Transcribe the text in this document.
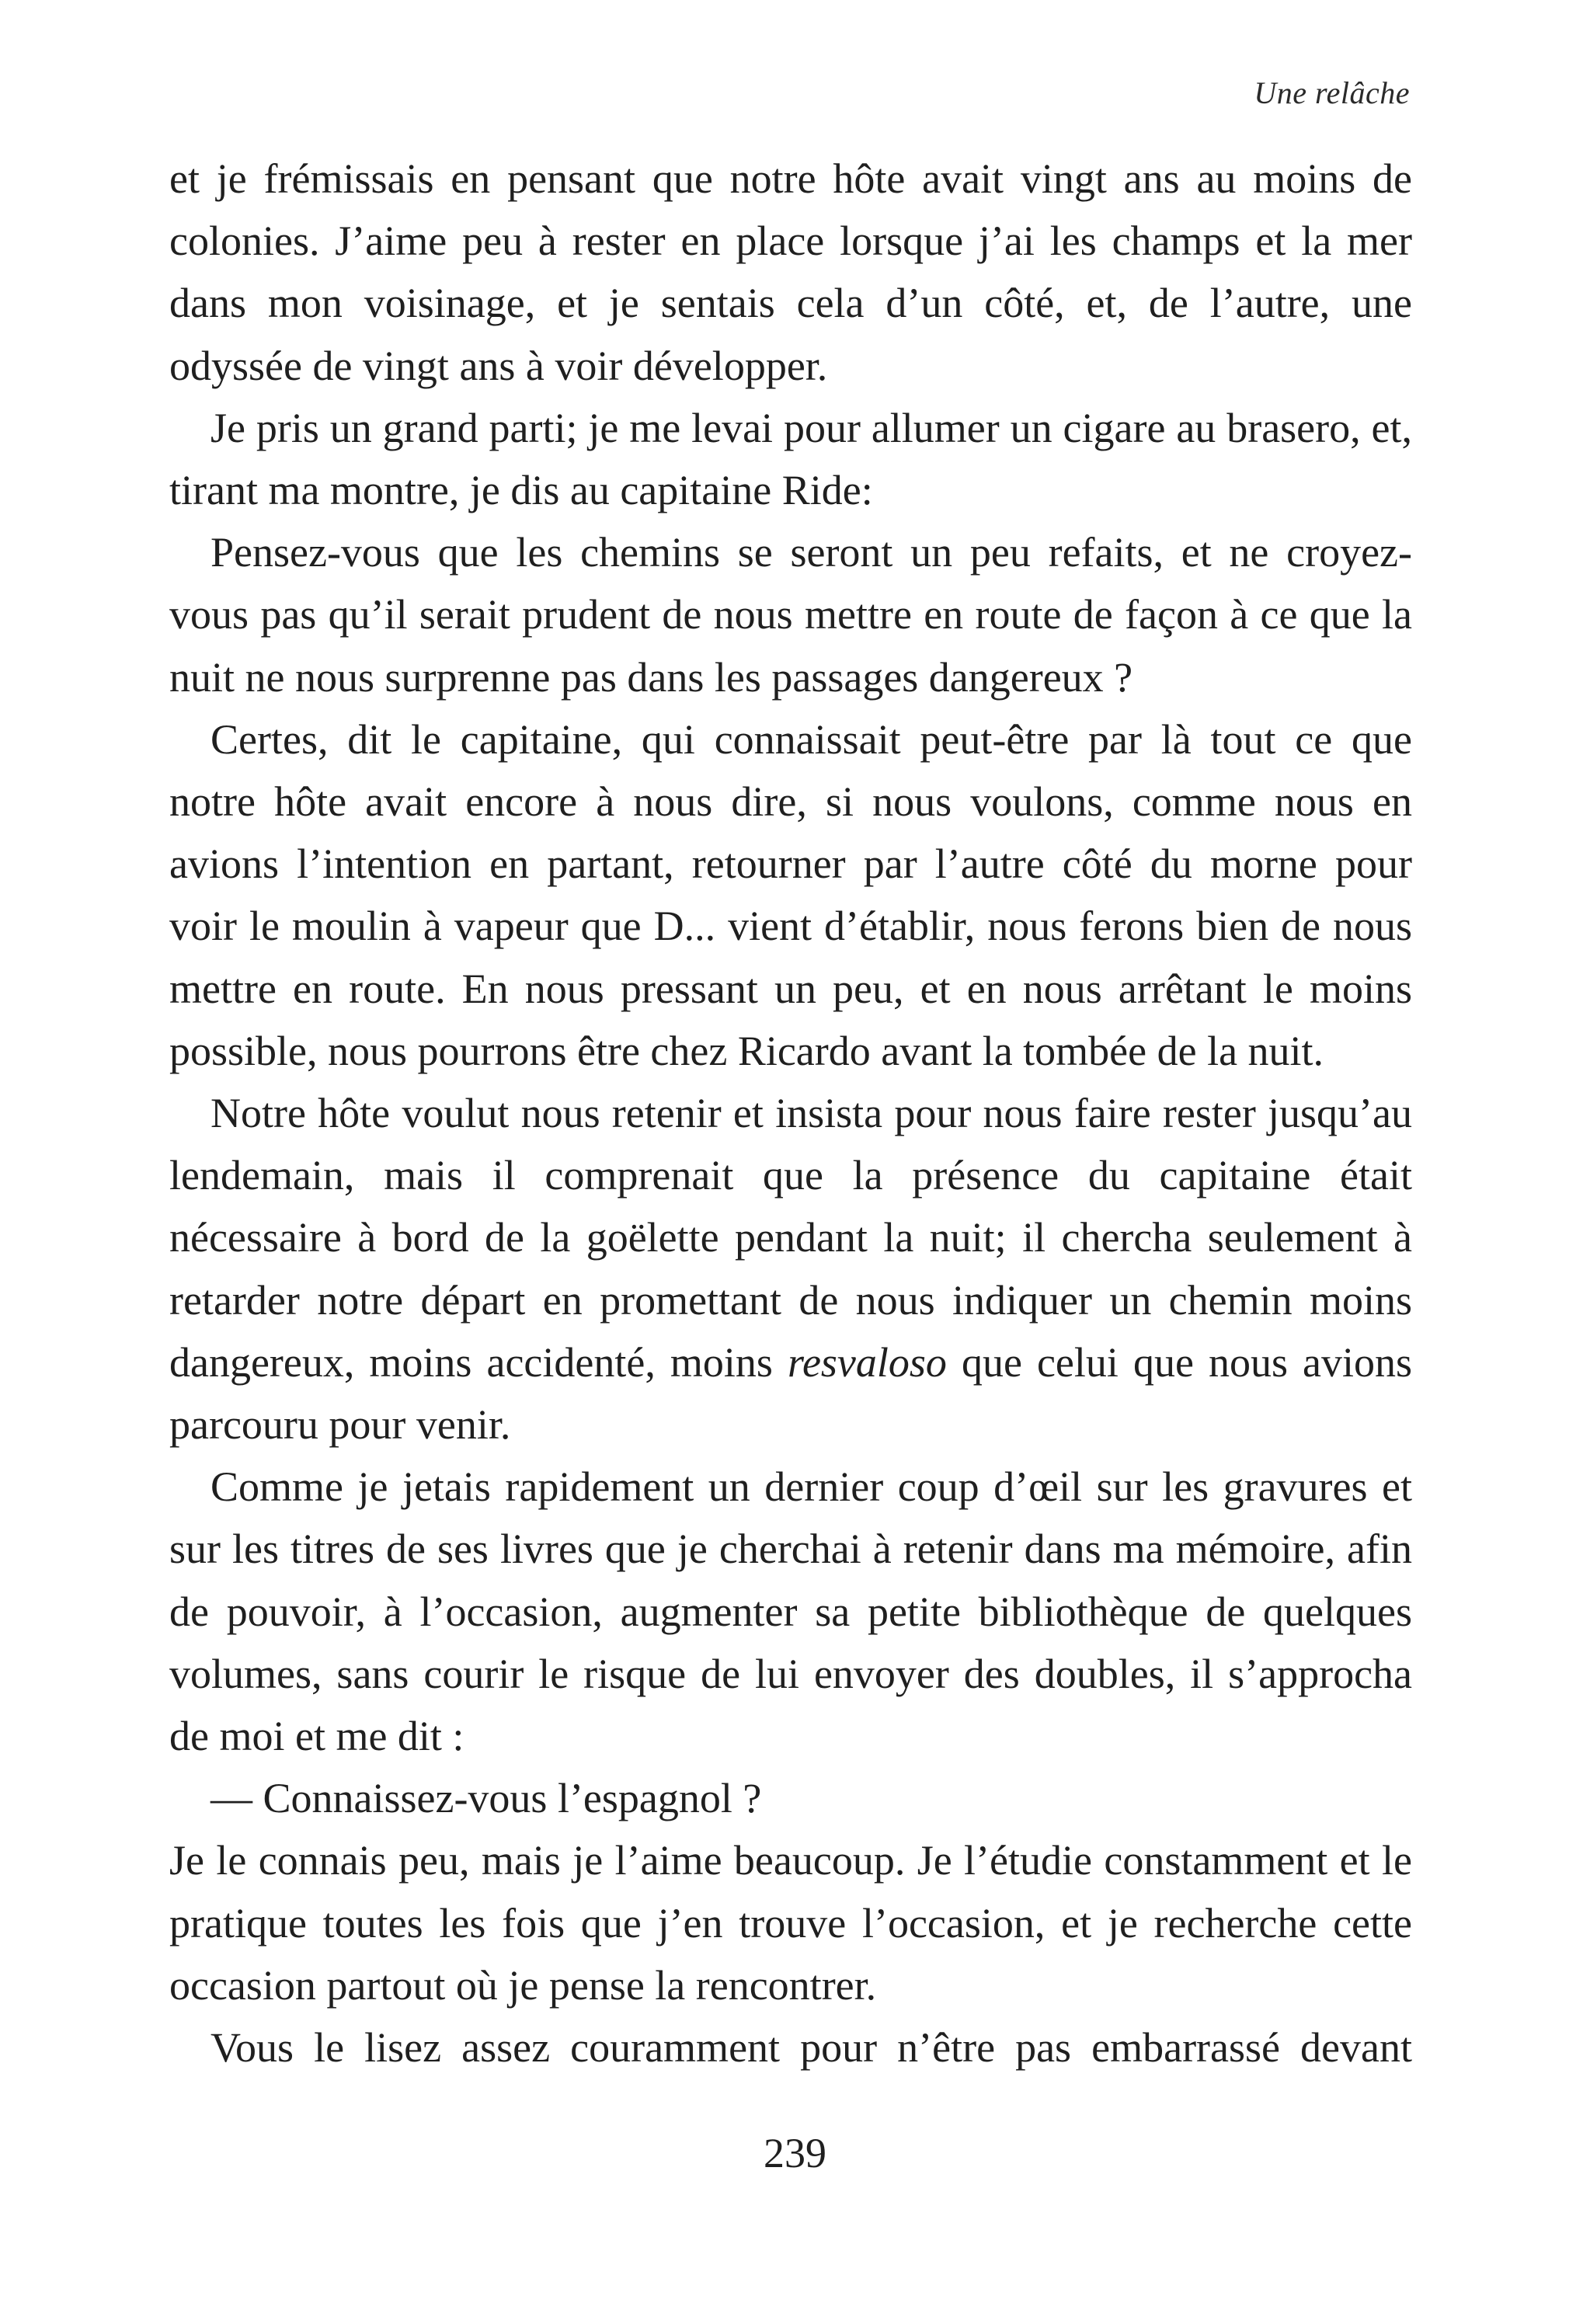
Une relâche

et je frémissais en pensant que notre hôte avait vingt ans au moins de colonies. J’aime peu à rester en place lorsque j’ai les champs et la mer dans mon voisinage, et je sentais cela d’un côté, et, de l’autre, une odyssée de vingt ans à voir développer.

Je pris un grand parti; je me levai pour allumer un cigare au brasero, et, tirant ma montre, je dis au capitaine Ride:

Pensez-vous que les chemins se seront un peu refaits, et ne croyez-vous pas qu’il serait prudent de nous mettre en route de façon à ce que la nuit ne nous surprenne pas dans les passages dangereux ?

Certes, dit le capitaine, qui connaissait peut-être par là tout ce que notre hôte avait encore à nous dire, si nous voulons, comme nous en avions l’intention en partant, retourner par l’autre côté du morne pour voir le moulin à vapeur que D... vient d’établir, nous ferons bien de nous mettre en route. En nous pressant un peu, et en nous arrêtant le moins possible, nous pourrons être chez Ricardo avant la tombée de la nuit.

Notre hôte voulut nous retenir et insista pour nous faire rester jusqu’au lendemain, mais il comprenait que la présence du capitaine était nécessaire à bord de la goëlette pendant la nuit; il chercha seulement à retarder notre départ en promettant de nous indiquer un chemin moins dangereux, moins accidenté, moins resvaloso que celui que nous avions parcouru pour venir.

Comme je jetais rapidement un dernier coup d’œil sur les gravures et sur les titres de ses livres que je cherchai à retenir dans ma mémoire, afin de pouvoir, à l’occasion, augmenter sa petite bibliothèque de quelques volumes, sans courir le risque de lui envoyer des doubles, il s’approcha de moi et me dit :

— Connaissez-vous l’espagnol ?

Je le connais peu, mais je l’aime beaucoup. Je l’étudie constamment et le pratique toutes les fois que j’en trouve l’occasion, et je recherche cette occasion partout où je pense la rencontrer.

Vous le lisez assez couramment pour n’être pas embarrassé devant

239
